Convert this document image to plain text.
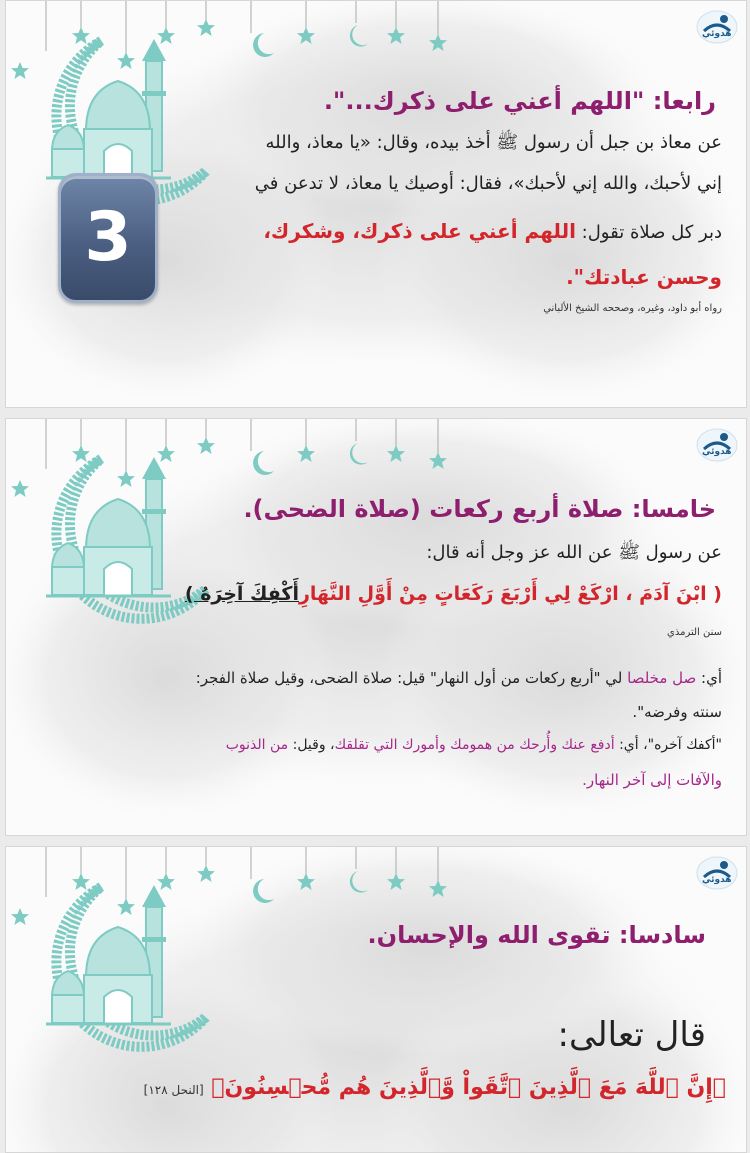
هدوئي
3
رابعا: "اللهم أعني على ذكرك...".
عن معاذ بن جبل أن رسول ﷺ أخذ بيده، وقال: «يا معاذ، والله
إني لأحبك، والله إني لأحبك»، فقال: أوصيك يا معاذ، لا تدعن في
دبر كل صلاة تقول: اللهم أعني على ذكرك، وشكرك،
وحسن عبادتك".
رواه أبو داود، وغيره، وصححه الشيخ الألباني
هدوئي
خامسا: صلاة أربع ركعات (صلاة الضحى).
عن رسول ﷺ عن الله عز وجل أنه قال:
( ابْنَ آدَمَ ، ارْكَعْ لِي أَرْبَعَ رَكَعَاتٍ مِنْ أَوَّلِ النَّهَارِأَكْفِكَ آخِرَهُ )
سنن الترمذي
أي: صل مخلصا لي "أربع ركعات من أول النهار" قيل: صلاة الضحى، وقيل صلاة الفجر:
سنته وفرضه".
"أكفك آخره"، أي: أدفع عنك وأُرحك من همومك وأمورك التي تقلقك، وقيل: من الذنوب
والآفات إلى آخر النهار.
هدوئي
سادسا: تقوى الله والإحسان.
قال تعالى:
﴿إِنَّ ٱللَّهَ مَعَ ٱلَّذِينَ ٱتَّقَواْ وَّٱلَّذِينَ هُم مُّحۡسِنُونَ﴾ [النحل ١٢٨]
